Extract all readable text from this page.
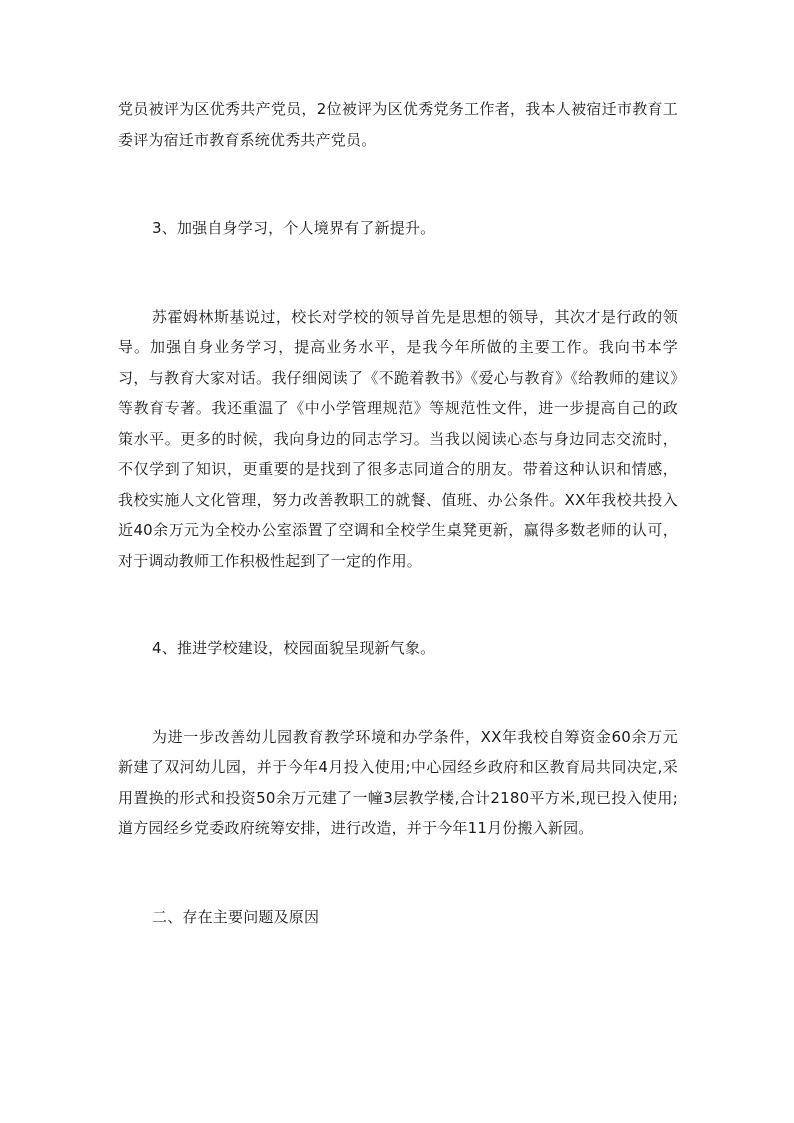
党员被评为区优秀共产党员，2位被评为区优秀党务工作者，我本人被宿迁市教育工委评为宿迁市教育系统优秀共产党员。

3、加强自身学习，个人境界有了新提升。

苏霍姆林斯基说过，校长对学校的领导首先是思想的领导，其次才是行政的领导。加强自身业务学习，提高业务水平，是我今年所做的主要工作。我向书本学习，与教育大家对话。我仔细阅读了《不跪着教书》《爱心与教育》《给教师的建议》等教育专著。我还重温了《中小学管理规范》等规范性文件，进一步提高自己的政策水平。更多的时候，我向身边的同志学习。当我以阅读心态与身边同志交流时，不仅学到了知识，更重要的是找到了很多志同道合的朋友。带着这种认识和情感，我校实施人文化管理，努力改善教职工的就餐、值班、办公条件。XX年我校共投入近40余万元为全校办公室添置了空调和全校学生桌凳更新，赢得多数老师的认可，对于调动教师工作积极性起到了一定的作用。

4、推进学校建设，校园面貌呈现新气象。

为进一步改善幼儿园教育教学环境和办学条件，XX年我校自筹资金60余万元新建了双河幼儿园，并于今年4月投入使用;中心园经乡政府和区教育局共同决定,采用置换的形式和投资50余万元建了一幢3层教学楼,合计2180平方米,现已投入使用;道方园经乡党委政府统筹安排，进行改造，并于今年11月份搬入新园。

二、存在主要问题及原因
